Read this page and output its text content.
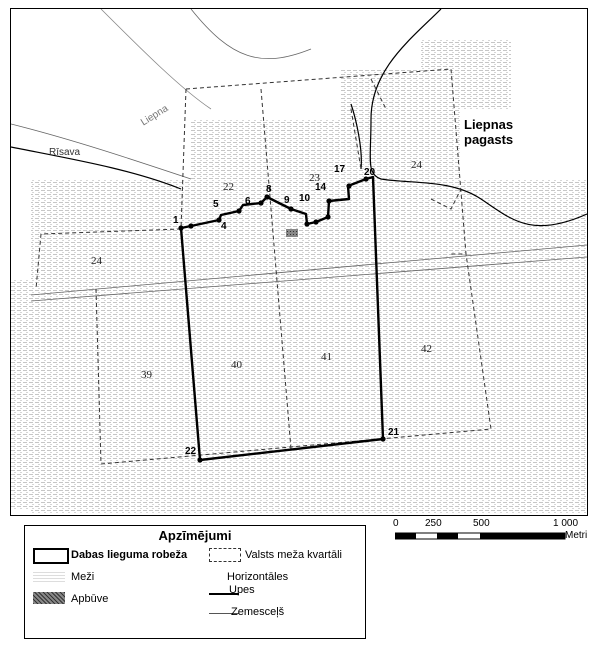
Rīsava
Liepna	Liepnas
pagasts
22
23
24
24
39
40
41
42
1
4
5	6
8
9 10
14
17 20
21
22
0	250	500	1 000
Metri
Apzīmējumi
Dabas lieguma robeža	Valsts meža kvartāli
Meži	Horizontāles
Apbūve
Upes
Zemesceļš
